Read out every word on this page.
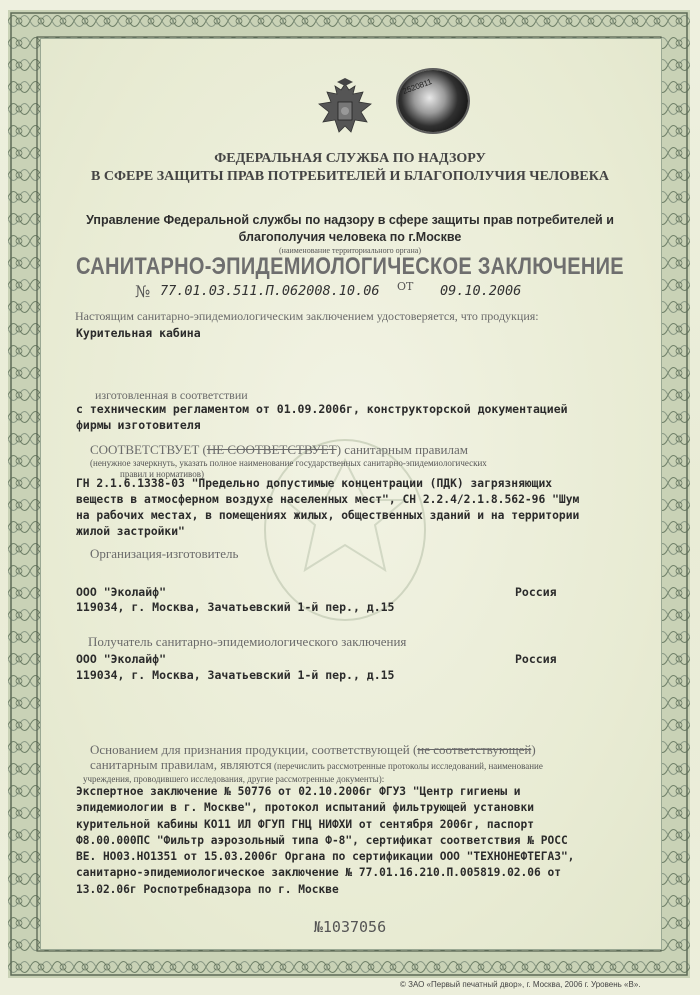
2520811
ФЕДЕРАЛЬНАЯ СЛУЖБА ПО НАДЗОРУ
В СФЕРЕ ЗАЩИТЫ ПРАВ ПОТРЕБИТЕЛЕЙ И БЛАГОПОЛУЧИЯ ЧЕЛОВЕКА
Управление Федеральной службы по надзору в сфере защиты прав потребителей и
благополучия человека по г.Москве
(наименование территориального органа)
САНИТАРНО-ЭПИДЕМИОЛОГИЧЕСКОЕ ЗАКЛЮЧЕНИЕ
№ 77.01.03.511.П.062008.10.06 ОТ 09.10.2006
Настоящим санитарно-эпидемиологическим заключением удостоверяется, что продукция:
Курительная кабина
изготовленная в соответствии
с техническим регламентом от 01.09.2006г, конструкторской документацией
фирмы изготовителя
СООТВЕТСТВУЕТ (НЕ СООТВЕТСТВУЕТ) санитарным правилам
(ненужное зачеркнуть, указать полное наименование государственных санитарно-эпидемиологических
правил и нормативов)
ГН 2.1.6.1338-03 "Предельно допустимые концентрации (ПДК) загрязняющих
веществ в атмосферном воздухе населенных мест", СН 2.2.4/2.1.8.562-96 "Шум
на рабочих местах, в помещениях жилых, общественных зданий и на территории
жилой застройки"
Организация-изготовитель
ООО "Эколайф"	Россия
119034, г. Москва, Зачатьевский 1-й пер., д.15
Получатель санитарно-эпидемиологического заключения
ООО "Эколайф"	Россия
119034, г. Москва, Зачатьевский 1-й пер., д.15
Основанием для признания продукции, соответствующей (не соответствующей)
санитарным правилам, являются (перечислить рассмотренные протоколы исследований, наименование
учреждения, проводившего исследования, другие рассмотренные документы):
Экспертное заключение № 50776 от 02.10.2006г ФГУЗ "Центр гигиены и
эпидемиологии в г. Москве", протокол испытаний фильтрующей установки
курительной кабины КО11 ИЛ ФГУП ГНЦ НИФХИ от сентября 2006г, паспорт
Ф8.00.000ПС "Фильтр аэрозольный типа Ф-8", сертификат соответствия № РОСС
ВЕ. НО03.НО1351 от 15.03.2006г Органа по сертификации ООО "ТЕХНОНЕФТЕГАЗ",
санитарно-эпидемиологическое заключение № 77.01.16.210.П.005819.02.06 от
13.02.06г Роспотребнадзора по г. Москве
№1037056
© ЗАО «Первый печатный двор», г. Москва, 2006 г. Уровень «В».
